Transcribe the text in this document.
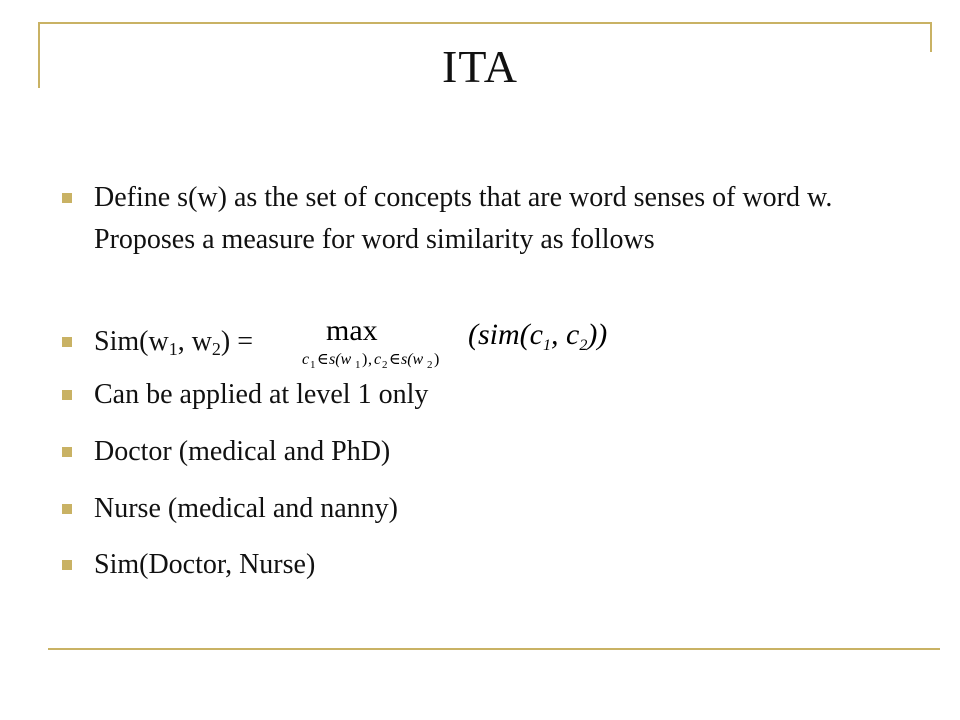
ITA
Define s(w) as the set of concepts that are word senses of word w. Proposes a measure for word similarity as follows
$Sim(w_1$, $w_2$) =	max
c 1 ∈ s(w 1 ) , c 2 ∈ s(w 2 )
($sim(c_1$, $c_2$))
Can be applied at level 1 only
Doctor (medical and PhD)
Nurse (medical and nanny)
Sim(Doctor, Nurse)
